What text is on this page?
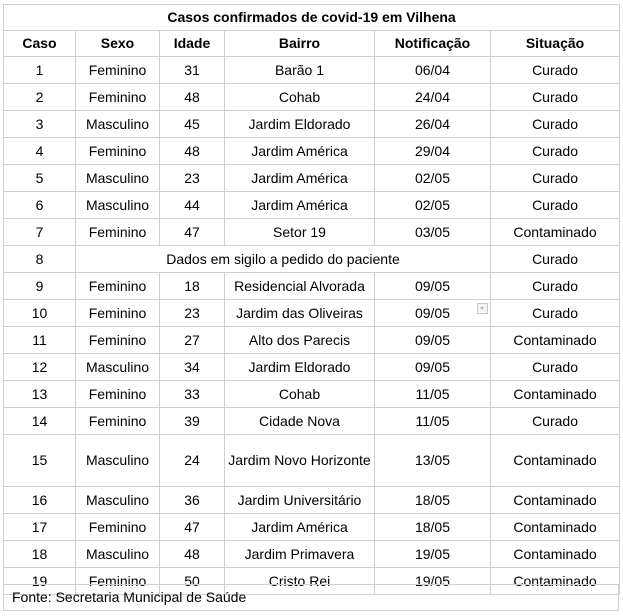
Casos confirmados de covid-19 em Vilhena					
Caso	Sexo	Idade	Bairro	Notificação	Situação
1	Feminino	31	Barão 1	06/04	Curado
2	Feminino	48	Cohab	24/04	Curado
3	Masculino	45	Jardim Eldorado	26/04	Curado
4	Feminino	48	Jardim América	29/04	Curado
5	Masculino	23	Jardim América	02/05	Curado
6	Masculino	44	Jardim América	02/05	Curado
7	Feminino	47	Setor 19	03/05	Contaminado
8	Dados em sigilo a pedido do paciente				Curado
9	Feminino	18	Residencial Alvorada	09/05	Curado
10	Feminino	23	Jardim das Oliveiras	09/05	Curado
11	Feminino	27	Alto dos Parecis	09/05	Contaminado
12	Masculino	34	Jardim Eldorado	09/05	Curado
13	Feminino	33	Cohab	11/05	Contaminado
14	Feminino	39	Cidade Nova	11/05	Curado
15	Masculino	24	Jardim Novo Horizonte	13/05	Contaminado
16	Masculino	36	Jardim Universitário	18/05	Contaminado
17	Feminino	47	Jardim América	18/05	Contaminado
18	Masculino	48	Jardim Primavera	19/05	Contaminado
19	Feminino	50	Cristo Rei	19/05	Contaminado
Fonte: Secretaria Municipal de Saúde
